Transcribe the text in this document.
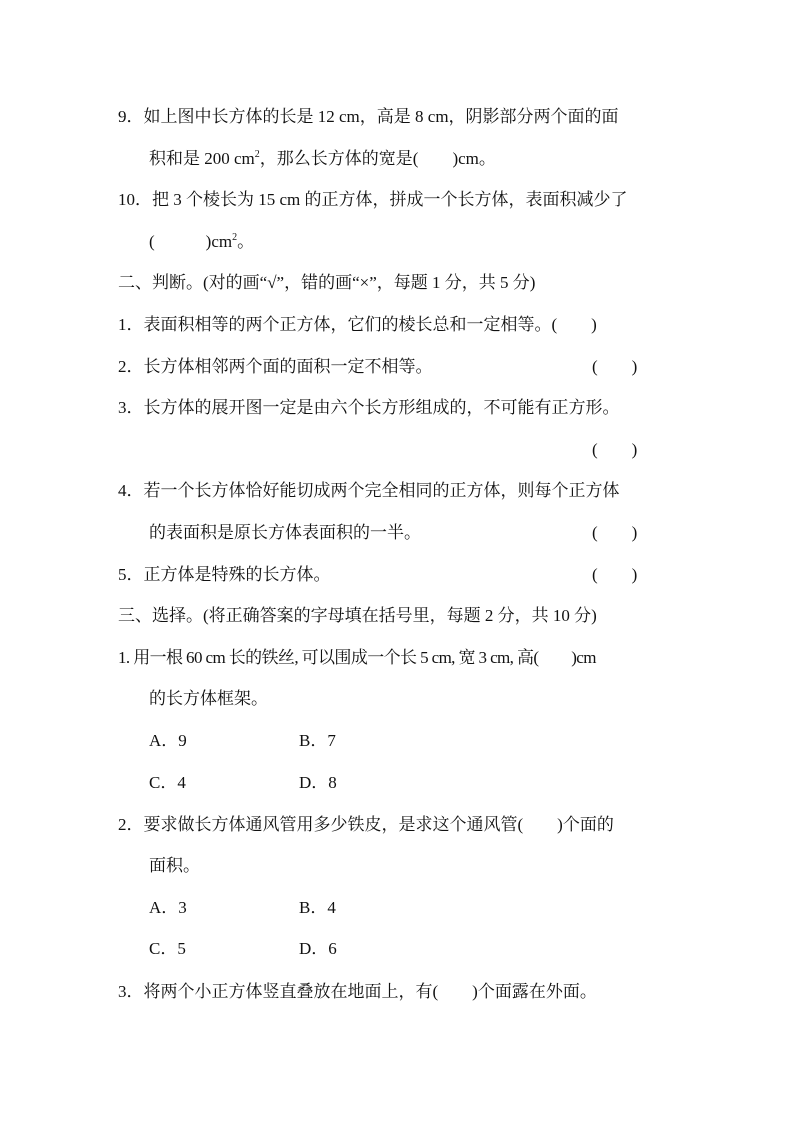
9．如上图中长方体的长是 12 cm，高是 8 cm，阴影部分两个面的面
积和是 200 $cm^2$，那么长方体的宽是(　　)cm。
10．把 3 个棱长为 15 cm 的正方体，拼成一个长方体，表面积减少了
(　　　)$cm^2$。
二、判断。(对的画“√”，错的画“×”，每题 1 分，共 5 分)
1．表面积相等的两个正方体，它们的棱长总和一定相等。(　　)
2．长方体相邻两个面的面积一定不相等。	(　　)
3．长方体的展开图一定是由六个长方形组成的，不可能有正方形。
(　　)
4．若一个长方体恰好能切成两个完全相同的正方体，则每个正方体
的表面积是原长方体表面积的一半。	(　　)
5．正方体是特殊的长方体。	(　　)
三、选择。(将正确答案的字母填在括号里，每题 2 分，共 10 分)
1. 用一根 60 cm 长的铁丝, 可以围成一个长 5 cm, 宽 3 cm, 高(　　)cm
的长方体框架。
A．9	B．7
C．4	D．8
2．要求做长方体通风管用多少铁皮，是求这个通风管(　　)个面的
面积。
A．3	B．4
C．5	D．6
3．将两个小正方体竖直叠放在地面上，有(　　)个面露在外面。
